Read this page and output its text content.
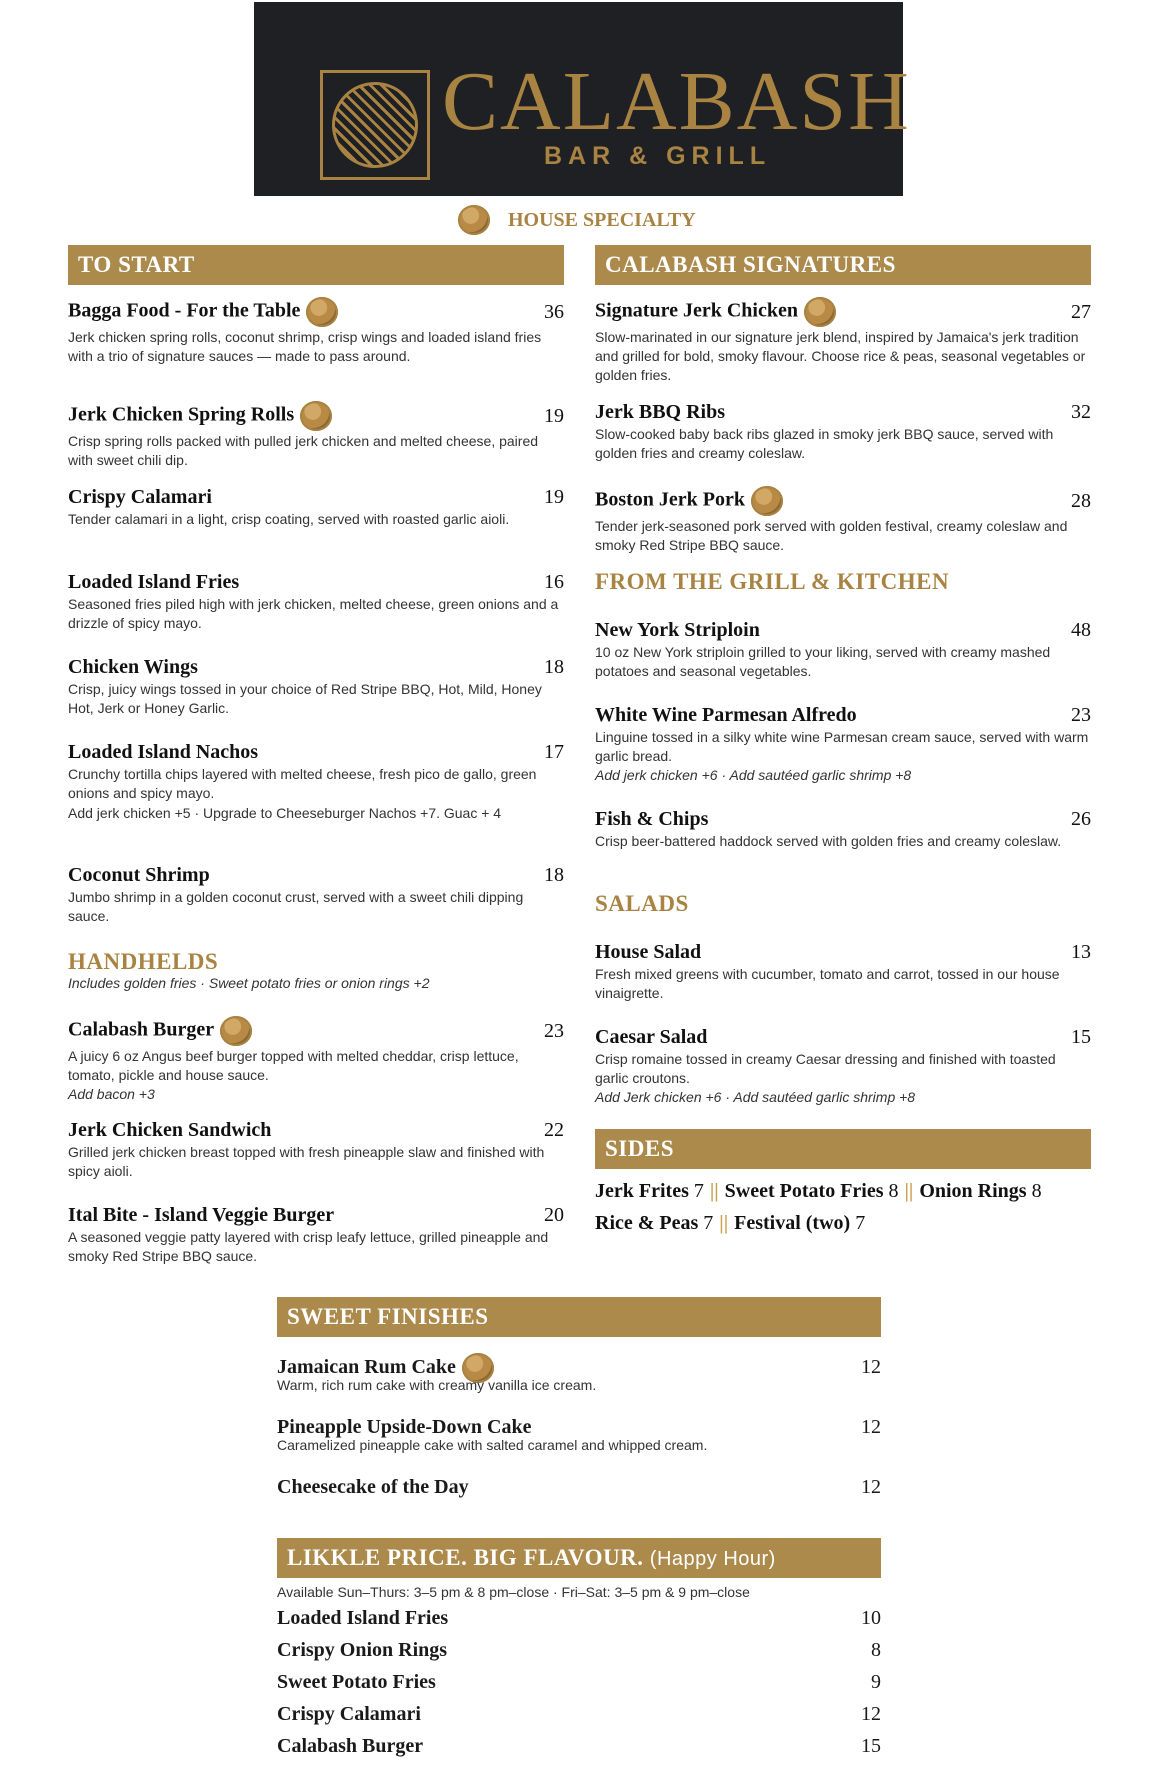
CALABASH
BAR & GRILL
HOUSE SPECIALTY
TO START
Bagga Food - For the Table	36
Jerk chicken spring rolls, coconut shrimp, crisp wings and loaded island fries with a trio of signature sauces — made to pass around.
Jerk Chicken Spring Rolls	19
Crisp spring rolls packed with pulled jerk chicken and melted cheese, paired with sweet chili dip.
Crispy Calamari	19
Tender calamari in a light, crisp coating, served with roasted garlic aioli.
Loaded Island Fries	16
Seasoned fries piled high with jerk chicken, melted cheese, green onions and a drizzle of spicy mayo.
Chicken Wings	18
Crisp, juicy wings tossed in your choice of Red Stripe BBQ, Hot, Mild, Honey Hot, Jerk or Honey Garlic.
Loaded Island Nachos	17
Crunchy tortilla chips layered with melted cheese, fresh pico de gallo, green onions and spicy mayo.
Add jerk chicken +5 · Upgrade to Cheeseburger Nachos +7. Guac + 4
Coconut Shrimp	18
Jumbo shrimp in a golden coconut crust, served with a sweet chili dipping sauce.
HANDHELDS
Includes golden fries · Sweet potato fries or onion rings +2
Calabash Burger	23
A juicy 6 oz Angus beef burger topped with melted cheddar, crisp lettuce, tomato, pickle and house sauce.
Add bacon +3
Jerk Chicken Sandwich	22
Grilled jerk chicken breast topped with fresh pineapple slaw and finished with spicy aioli.
Ital Bite - Island Veggie Burger	20
A seasoned veggie patty layered with crisp leafy lettuce, grilled pineapple and smoky Red Stripe BBQ sauce.
CALABASH SIGNATURES
Signature Jerk Chicken	27
Slow-marinated in our signature jerk blend, inspired by Jamaica's jerk tradition and grilled for bold, smoky flavour. Choose rice & peas, seasonal vegetables or golden fries.
Jerk BBQ Ribs	32
Slow-cooked baby back ribs glazed in smoky jerk BBQ sauce, served with golden fries and creamy coleslaw.
Boston Jerk Pork	28
Tender jerk-seasoned pork served with golden festival, creamy coleslaw and smoky Red Stripe BBQ sauce.
FROM THE GRILL & KITCHEN
New York Striploin	48
10 oz New York striploin grilled to your liking, served with creamy mashed potatoes and seasonal vegetables.
White Wine Parmesan Alfredo	23
Linguine tossed in a silky white wine Parmesan cream sauce, served with warm garlic bread.
Add jerk chicken +6 · Add sautéed garlic shrimp +8
Fish & Chips	26
Crisp beer-battered haddock served with golden fries and creamy coleslaw.
SALADS
House Salad	13
Fresh mixed greens with cucumber, tomato and carrot, tossed in our house vinaigrette.
Caesar Salad	15
Crisp romaine tossed in creamy Caesar dressing and finished with toasted garlic croutons.
Add Jerk chicken +6 · Add sautéed garlic shrimp +8
SIDES
Jerk Frites 7 || Sweet Potato Fries 8 || Onion Rings 8
Rice & Peas 7 || Festival (two) 7
SWEET FINISHES
Jamaican Rum Cake	12
Warm, rich rum cake with creamy vanilla ice cream.
Pineapple Upside-Down Cake	12
Caramelized pineapple cake with salted caramel and whipped cream.
Cheesecake of the Day	12
LIKKLE PRICE. BIG FLAVOUR. (Happy Hour)
Available Sun–Thurs: 3–5 pm & 8 pm–close · Fri–Sat: 3–5 pm & 9 pm–close
Loaded Island Fries	10
Crispy Onion Rings	8
Sweet Potato Fries	9
Crispy Calamari	12
Calabash Burger	15
